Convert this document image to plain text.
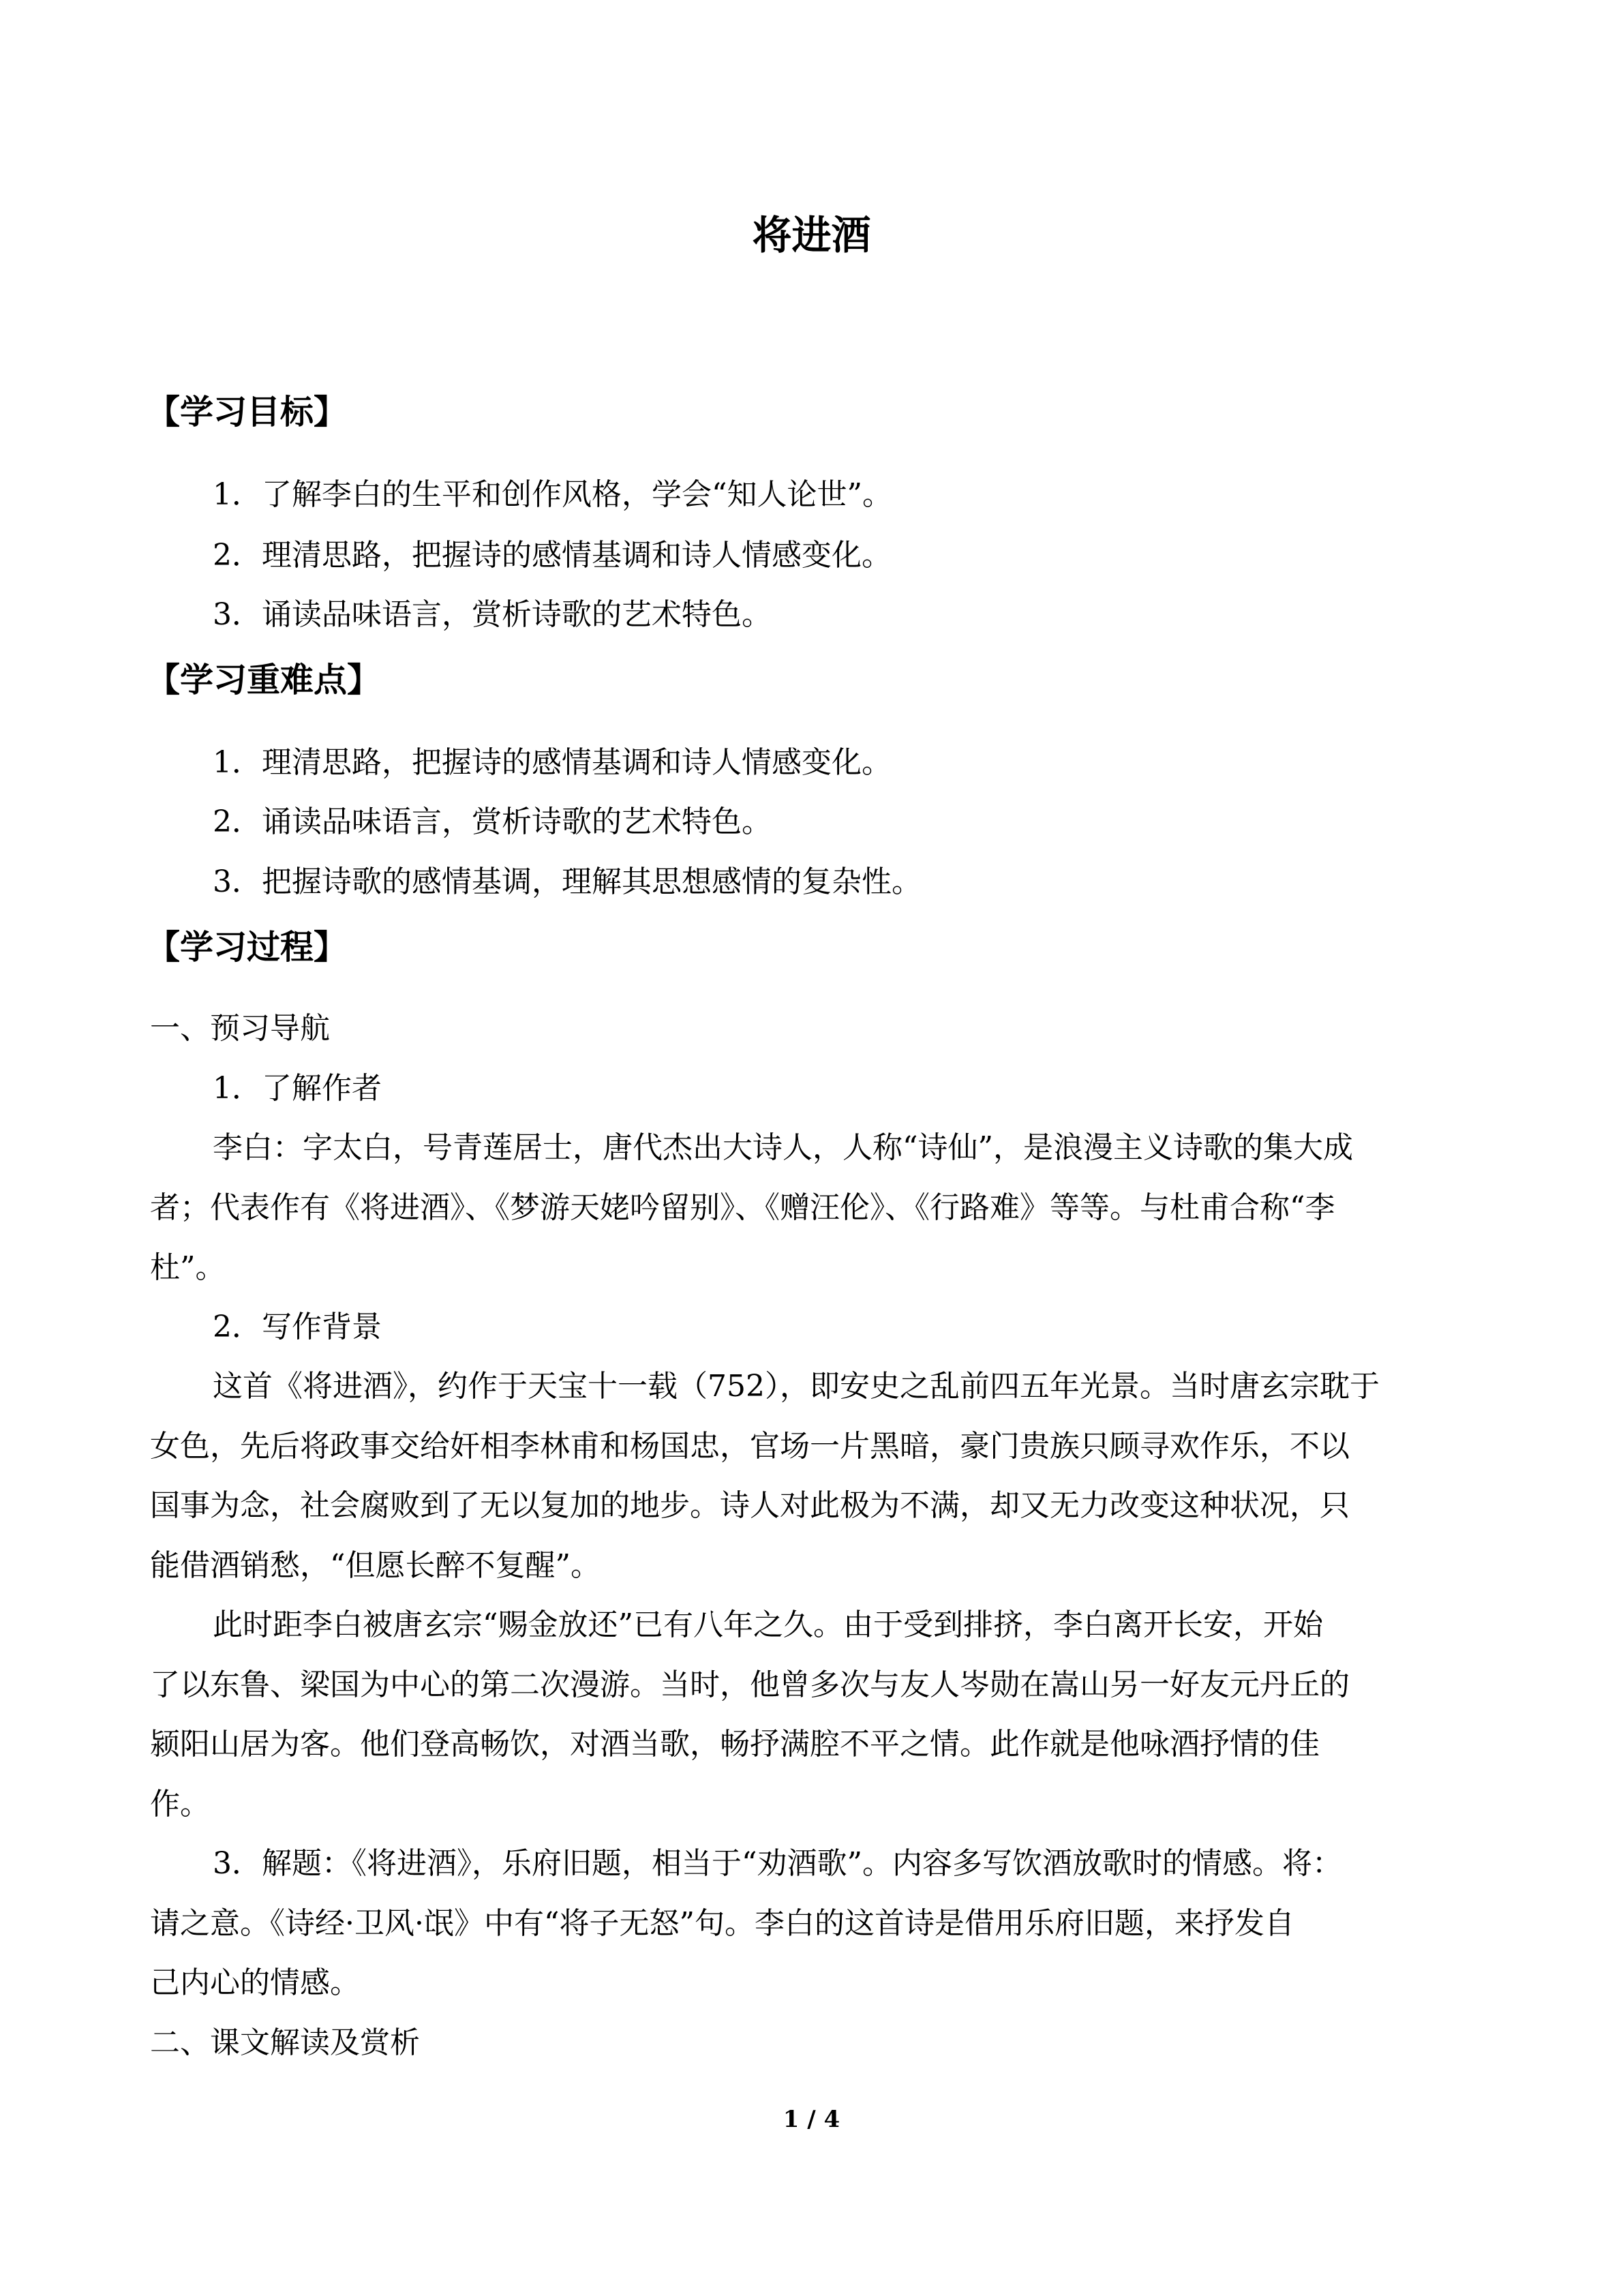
将进酒
【学习目标】
1．了解李白的生平和创作风格，学会“知人论世”。
2．理清思路，把握诗的感情基调和诗人情感变化。
3．诵读品味语言，赏析诗歌的艺术特色。
【学习重难点】
1．理清思路，把握诗的感情基调和诗人情感变化。
2．诵读品味语言，赏析诗歌的艺术特色。
3．把握诗歌的感情基调，理解其思想感情的复杂性。
【学习过程】
一、预习导航
1．了解作者
李白：字太白，号青莲居士，唐代杰出大诗人，人称“诗仙”，是浪漫主义诗歌的集大成
者；代表作有《将进酒》、《梦游天姥吟留别》、《赠汪伦》、《行路难》等等。与杜甫合称“李
杜”。
2．写作背景
这首《将进酒》，约作于天宝十一载（752），即安史之乱前四五年光景。当时唐玄宗耽于
女色，先后将政事交给奸相李林甫和杨国忠，官场一片黑暗，豪门贵族只顾寻欢作乐，不以
国事为念，社会腐败到了无以复加的地步。诗人对此极为不满，却又无力改变这种状况，只
能借酒销愁，“但愿长醉不复醒”。
此时距李白被唐玄宗“赐金放还”已有八年之久。由于受到排挤，李白离开长安，开始
了以东鲁、梁国为中心的第二次漫游。当时，他曾多次与友人岑勋在嵩山另一好友元丹丘的
颍阳山居为客。他们登高畅饮，对酒当歌，畅抒满腔不平之情。此作就是他咏酒抒情的佳
作。
3．解题：《将进酒》，乐府旧题，相当于“劝酒歌”。内容多写饮酒放歌时的情感。将：
请之意。《诗经·卫风·氓》中有“将子无怒”句。李白的这首诗是借用乐府旧题，来抒发自
己内心的情感。
二、课文解读及赏析
1 / 4
